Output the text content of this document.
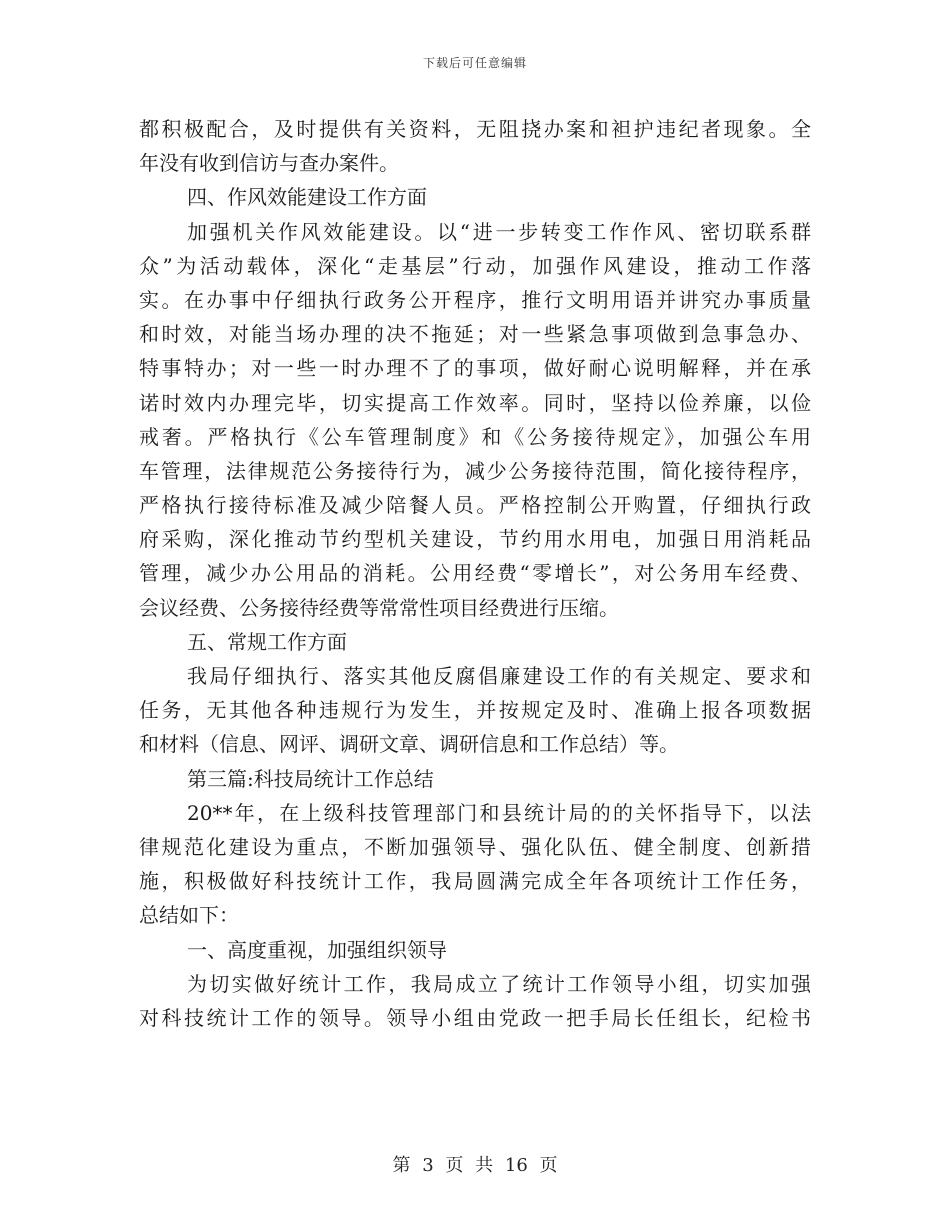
下载后可任意编辑
都积极配合，及时提供有关资料，无阻挠办案和袒护违纪者现象。全
年没有收到信访与查办案件。
四、作风效能建设工作方面
加强机关作风效能建设。以“进一步转变工作作风、密切联系群
众”为活动载体，深化“走基层”行动，加强作风建设，推动工作落
实。在办事中仔细执行政务公开程序，推行文明用语并讲究办事质量
和时效，对能当场办理的决不拖延；对一些紧急事项做到急事急办、
特事特办；对一些一时办理不了的事项，做好耐心说明解释，并在承
诺时效内办理完毕，切实提高工作效率。同时，坚持以俭养廉，以俭
戒奢。严格执行《公车管理制度》和《公务接待规定》，加强公车用
车管理，法律规范公务接待行为，减少公务接待范围，简化接待程序，
严格执行接待标准及减少陪餐人员。严格控制公开购置，仔细执行政
府采购，深化推动节约型机关建设，节约用水用电，加强日用消耗品
管理，减少办公用品的消耗。公用经费“零增长”，对公务用车经费、
会议经费、公务接待经费等常常性项目经费进行压缩。
五、常规工作方面
我局仔细执行、落实其他反腐倡廉建设工作的有关规定、要求和
任务，无其他各种违规行为发生，并按规定及时、准确上报各项数据
和材料（信息、网评、调研文章、调研信息和工作总结）等。
第三篇:科技局统计工作总结
20**年，在上级科技管理部门和县统计局的的关怀指导下，以法
律规范化建设为重点，不断加强领导、强化队伍、健全制度、创新措
施，积极做好科技统计工作，我局圆满完成全年各项统计工作任务，
总结如下：
一、高度重视，加强组织领导
为切实做好统计工作，我局成立了统计工作领导小组，切实加强
对科技统计工作的领导。领导小组由党政一把手局长任组长，纪检书
第 3 页 共 16 页
